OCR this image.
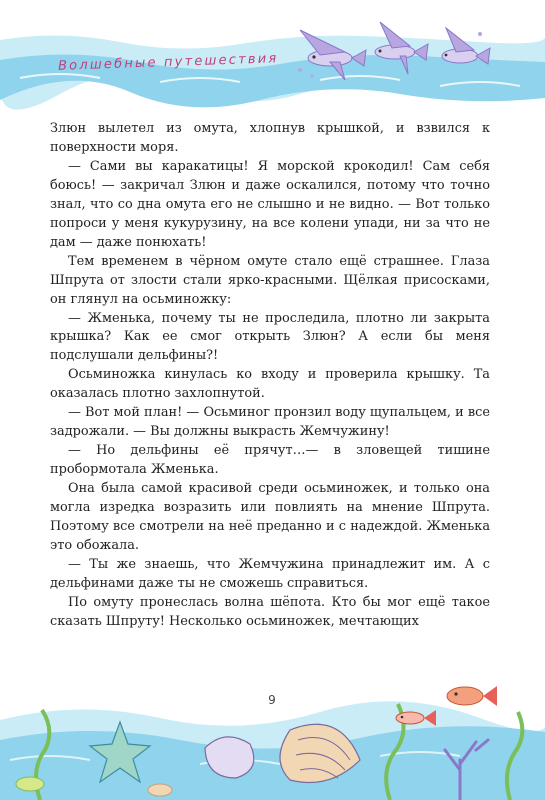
Волшебные путешествия

Злюн вылетел из омута, хлопнув крышкой, и взвился к поверхности моря.

— Сами вы каракатицы! Я морской крокодил! Сам себя боюсь! — закричал Злюн и даже оскалился, потому что точно знал, что со дна омута его не слышно и не видно. — Вот только попроси у меня кукурузину, на все колени упади, ни за что не дам — даже понюхать!

Тем временем в чёрном омуте стало ещё страшнее. Глаза Шпрута от злости стали ярко-красными. Щёлкая присосками, он глянул на осьминожку:

— Жменька, почему ты не проследила, плотно ли закрыта крышка? Как ее смог открыть Злюн? А если бы меня подслушали дельфины?!

Осьминожка кинулась ко входу и проверила крышку. Та оказалась плотно захлопнутой.

— Вот мой план! — Осьминог пронзил воду щупальцем, и все задрожали. — Вы должны выкрасть Жемчужину!

— Но дельфины её прячут…— в зловещей тишине пробормотала Жменька.

Она была самой красивой среди осьминожек, и только она могла изредка возразить или повлиять на мнение Шпрута. Поэтому все смотрели на неё преданно и с надеждой. Жменька это обожала.

— Ты же знаешь, что Жемчужина принадлежит им. А с дельфинами даже ты не сможешь справиться.

По омуту пронеслась волна шёпота. Кто бы мог ещё такое сказать Шпруту! Несколько осьминожек, мечтающих

9
